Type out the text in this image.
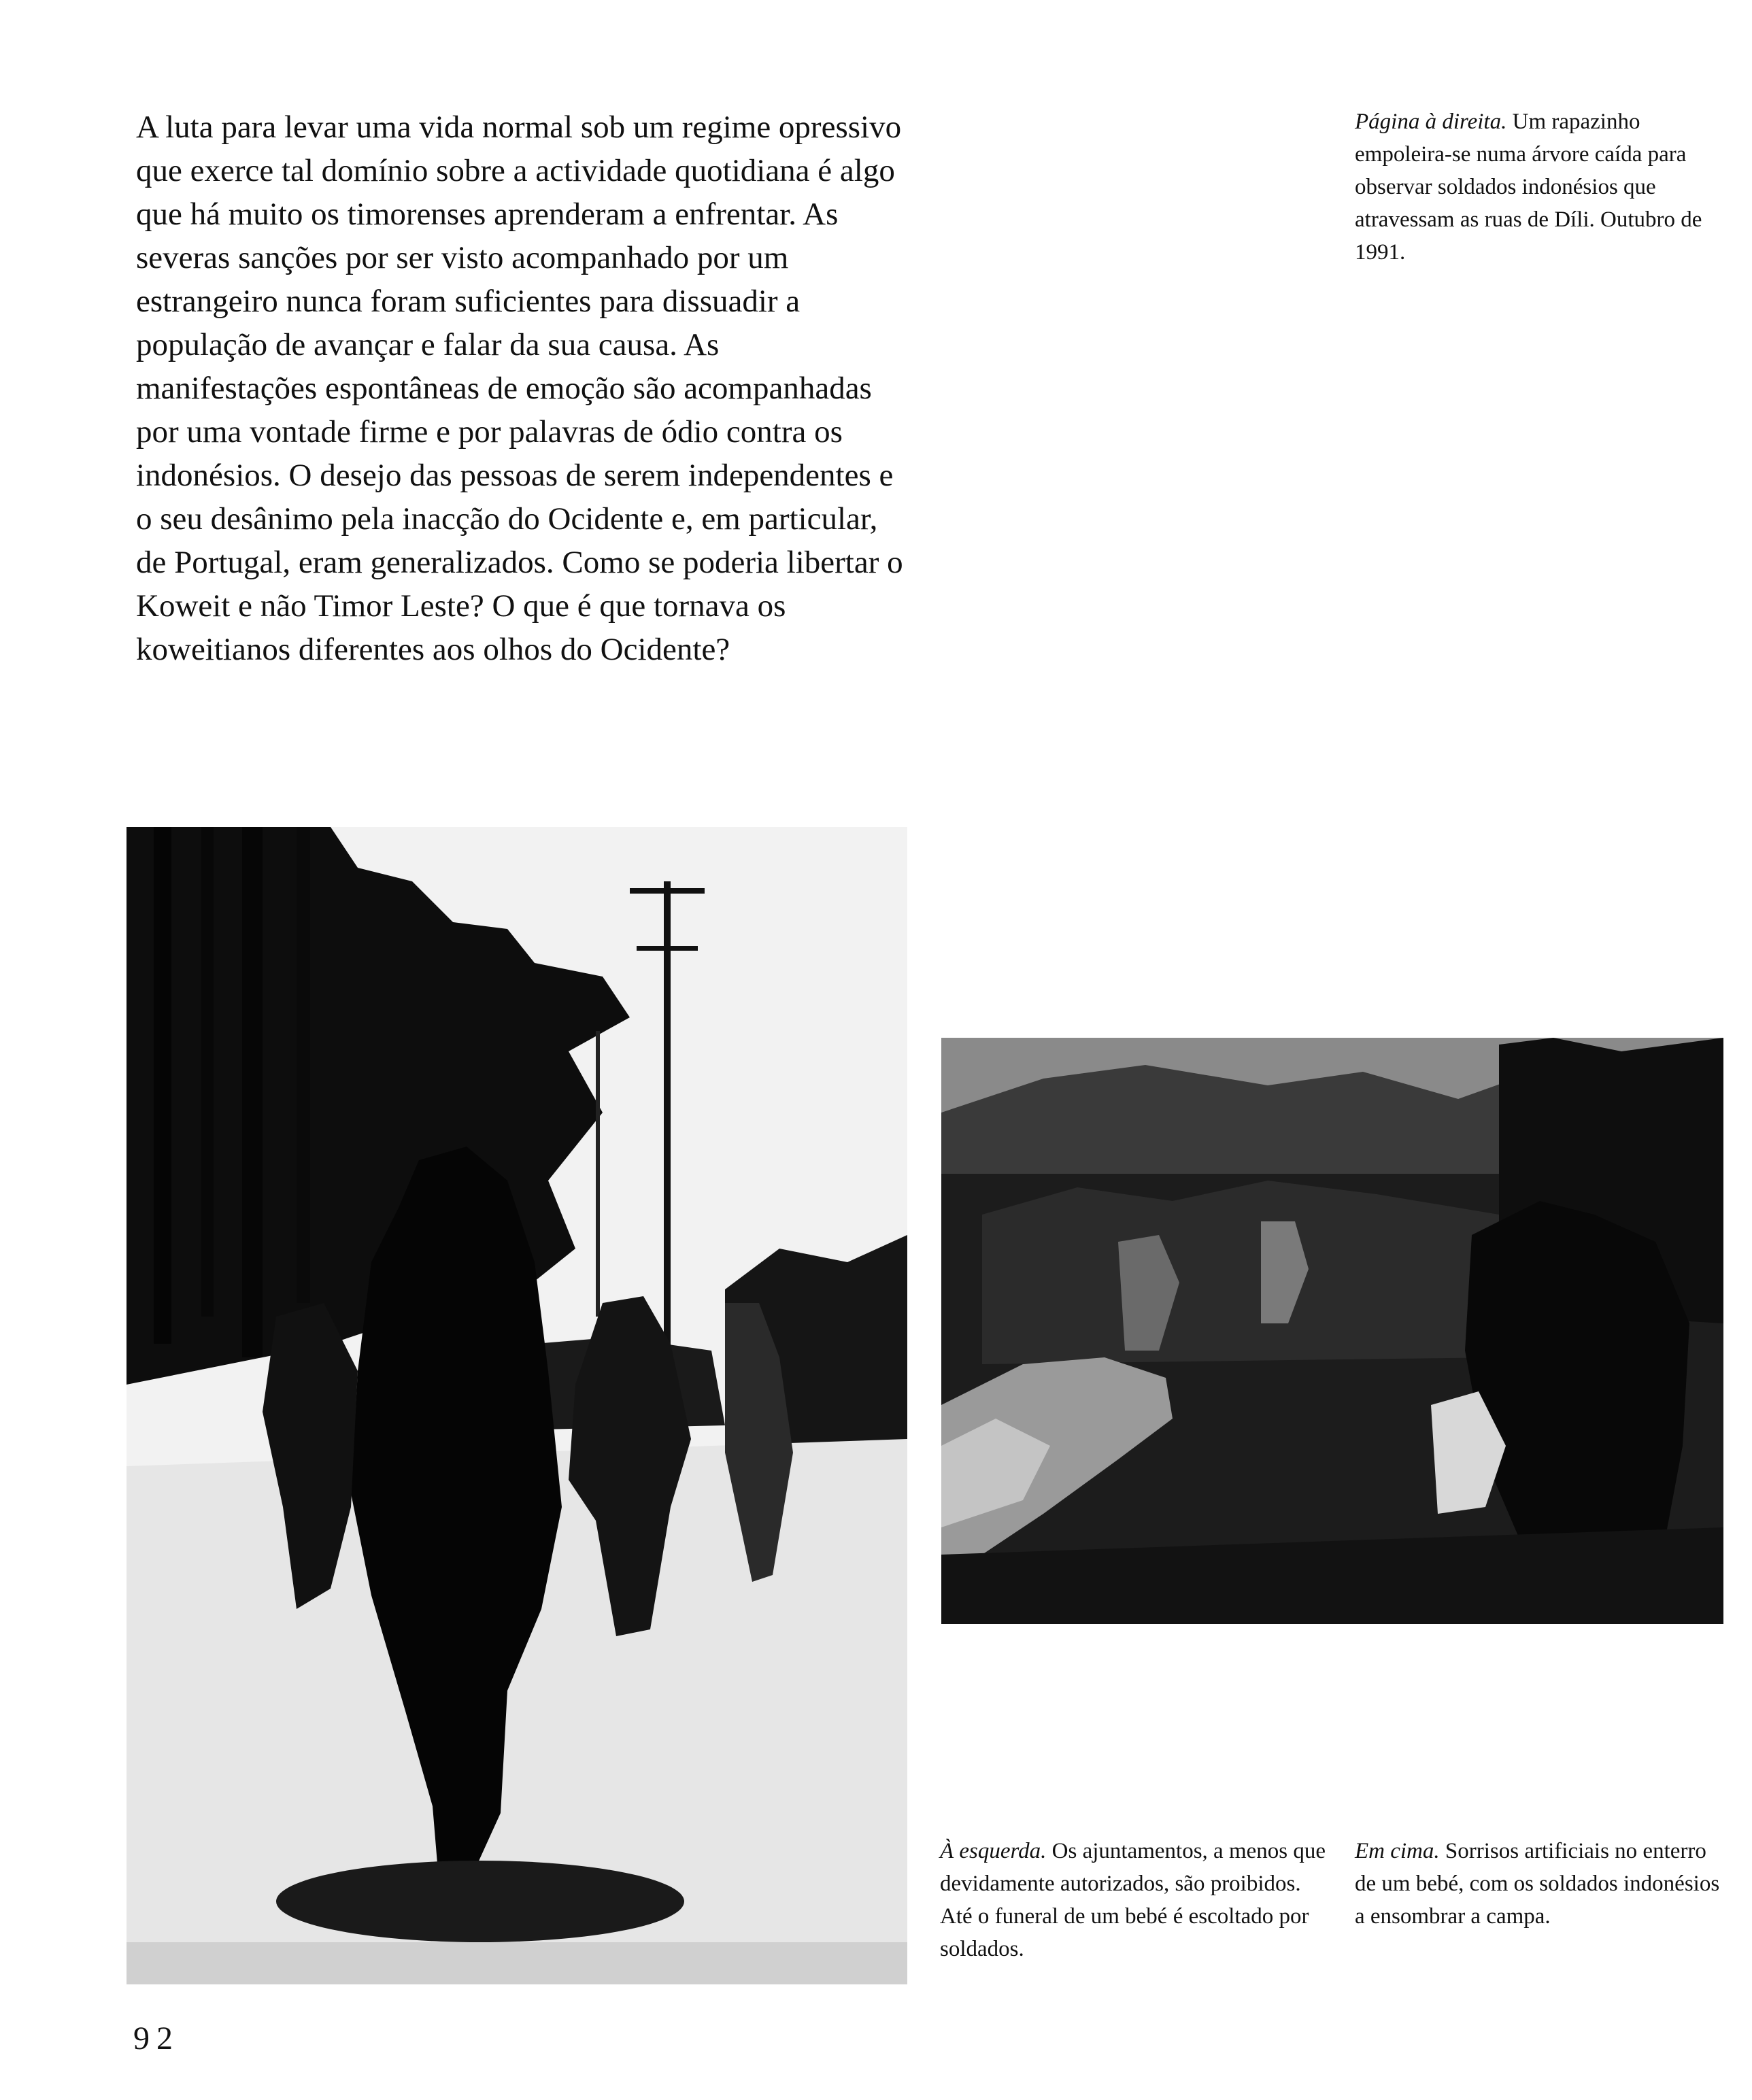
A luta para levar uma vida normal sob um regime opressivo que exerce tal domínio sobre a actividade quotidiana é algo que há muito os timorenses aprenderam a enfrentar. As severas sanções por ser visto acompanhado por um estrangeiro nunca foram suficientes para dissuadir a população de avançar e falar da sua causa. As manifestações espontâneas de emoção são acompanhadas por uma vontade firme e por palavras de ódio contra os indonésios. O desejo das pessoas de serem independentes e o seu desânimo pela inacção do Ocidente e, em particular, de Portugal, eram generalizados. Como se poderia libertar o Koweit e não Timor Leste? O que é que tornava os koweitianos diferentes aos olhos do Ocidente?

Página à direita. Um rapazinho empoleira-se numa árvore caída para observar soldados indonésios que atravessam as ruas de Díli. Outubro de 1991.

À esquerda. Os ajuntamentos, a menos que devidamente autorizados, são proibidos. Até o funeral de um bebé é escoltado por soldados.

Em cima. Sorrisos artificiais no enterro de um bebé, com os soldados indonésios a ensombrar a campa.

92
